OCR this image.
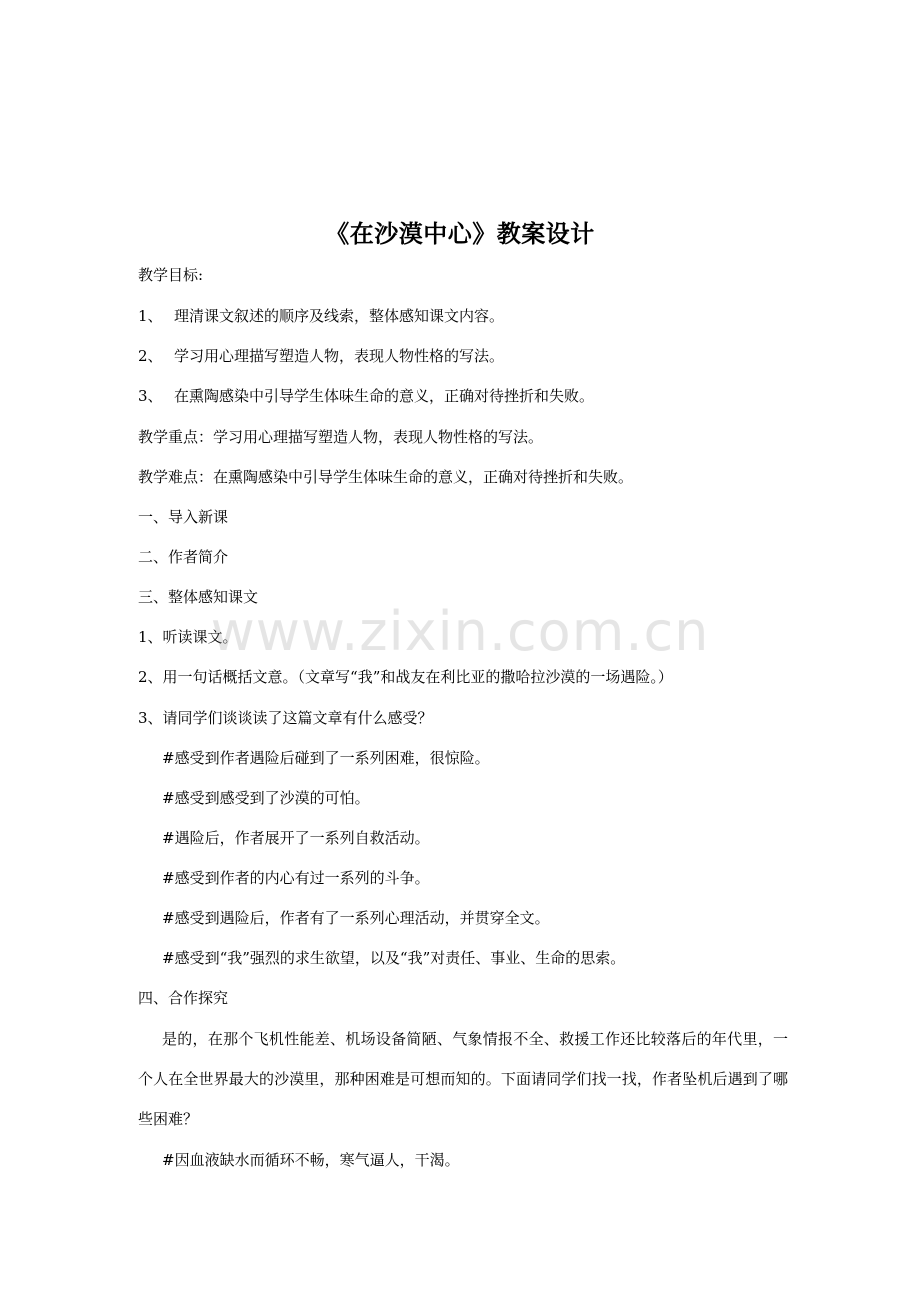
《在沙漠中心》教案设计
教学目标:
1、 理清课文叙述的顺序及线索，整体感知课文内容。
2、 学习用心理描写塑造人物，表现人物性格的写法。
3、 在熏陶感染中引导学生体味生命的意义，正确对待挫折和失败。
教学重点：学习用心理描写塑造人物，表现人物性格的写法。
教学难点：在熏陶感染中引导学生体味生命的意义，正确对待挫折和失败。
一、导入新课
二、作者简介
三、整体感知课文
1、听读课文。
2、用一句话概括文意。（文章写“我”和战友在利比亚的撒哈拉沙漠的一场遇险。）
3、请同学们谈谈读了这篇文章有什么感受？
#感受到作者遇险后碰到了一系列困难，很惊险。
#感受到感受到了沙漠的可怕。
#遇险后，作者展开了一系列自救活动。
#感受到作者的内心有过一系列的斗争。
#感受到遇险后，作者有了一系列心理活动，并贯穿全文。
#感受到“我”强烈的求生欲望，以及“我”对责任、事业、生命的思索。
四、合作探究
是的，在那个飞机性能差、机场设备简陋、气象情报不全、救援工作还比较落后的年代里，一个人在全世界最大的沙漠里，那种困难是可想而知的。下面请同学们找一找，作者坠机后遇到了哪些困难？
#因血液缺水而循环不畅，寒气逼人，干渴。
www.zixin.com.cn
